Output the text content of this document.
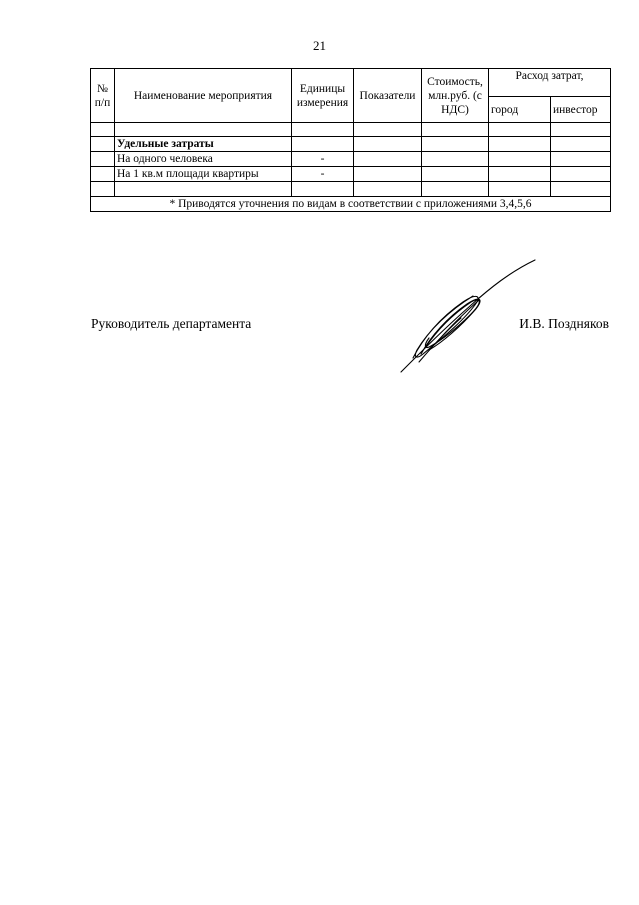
21
№ п/п	Наименование мероприятия	Единицы измерения	Показатели	Стоимость, млн.руб. (с НДС)	Расход затрат,	
					город	инвестор

	Удельные затраты					
	На одного человека	-				
	На 1 кв.м площади квартиры	-				

* Приводятся уточнения по видам в соответствии с приложениями 3,4,5,6						
Руководитель департамента	И.В. Поздняков
